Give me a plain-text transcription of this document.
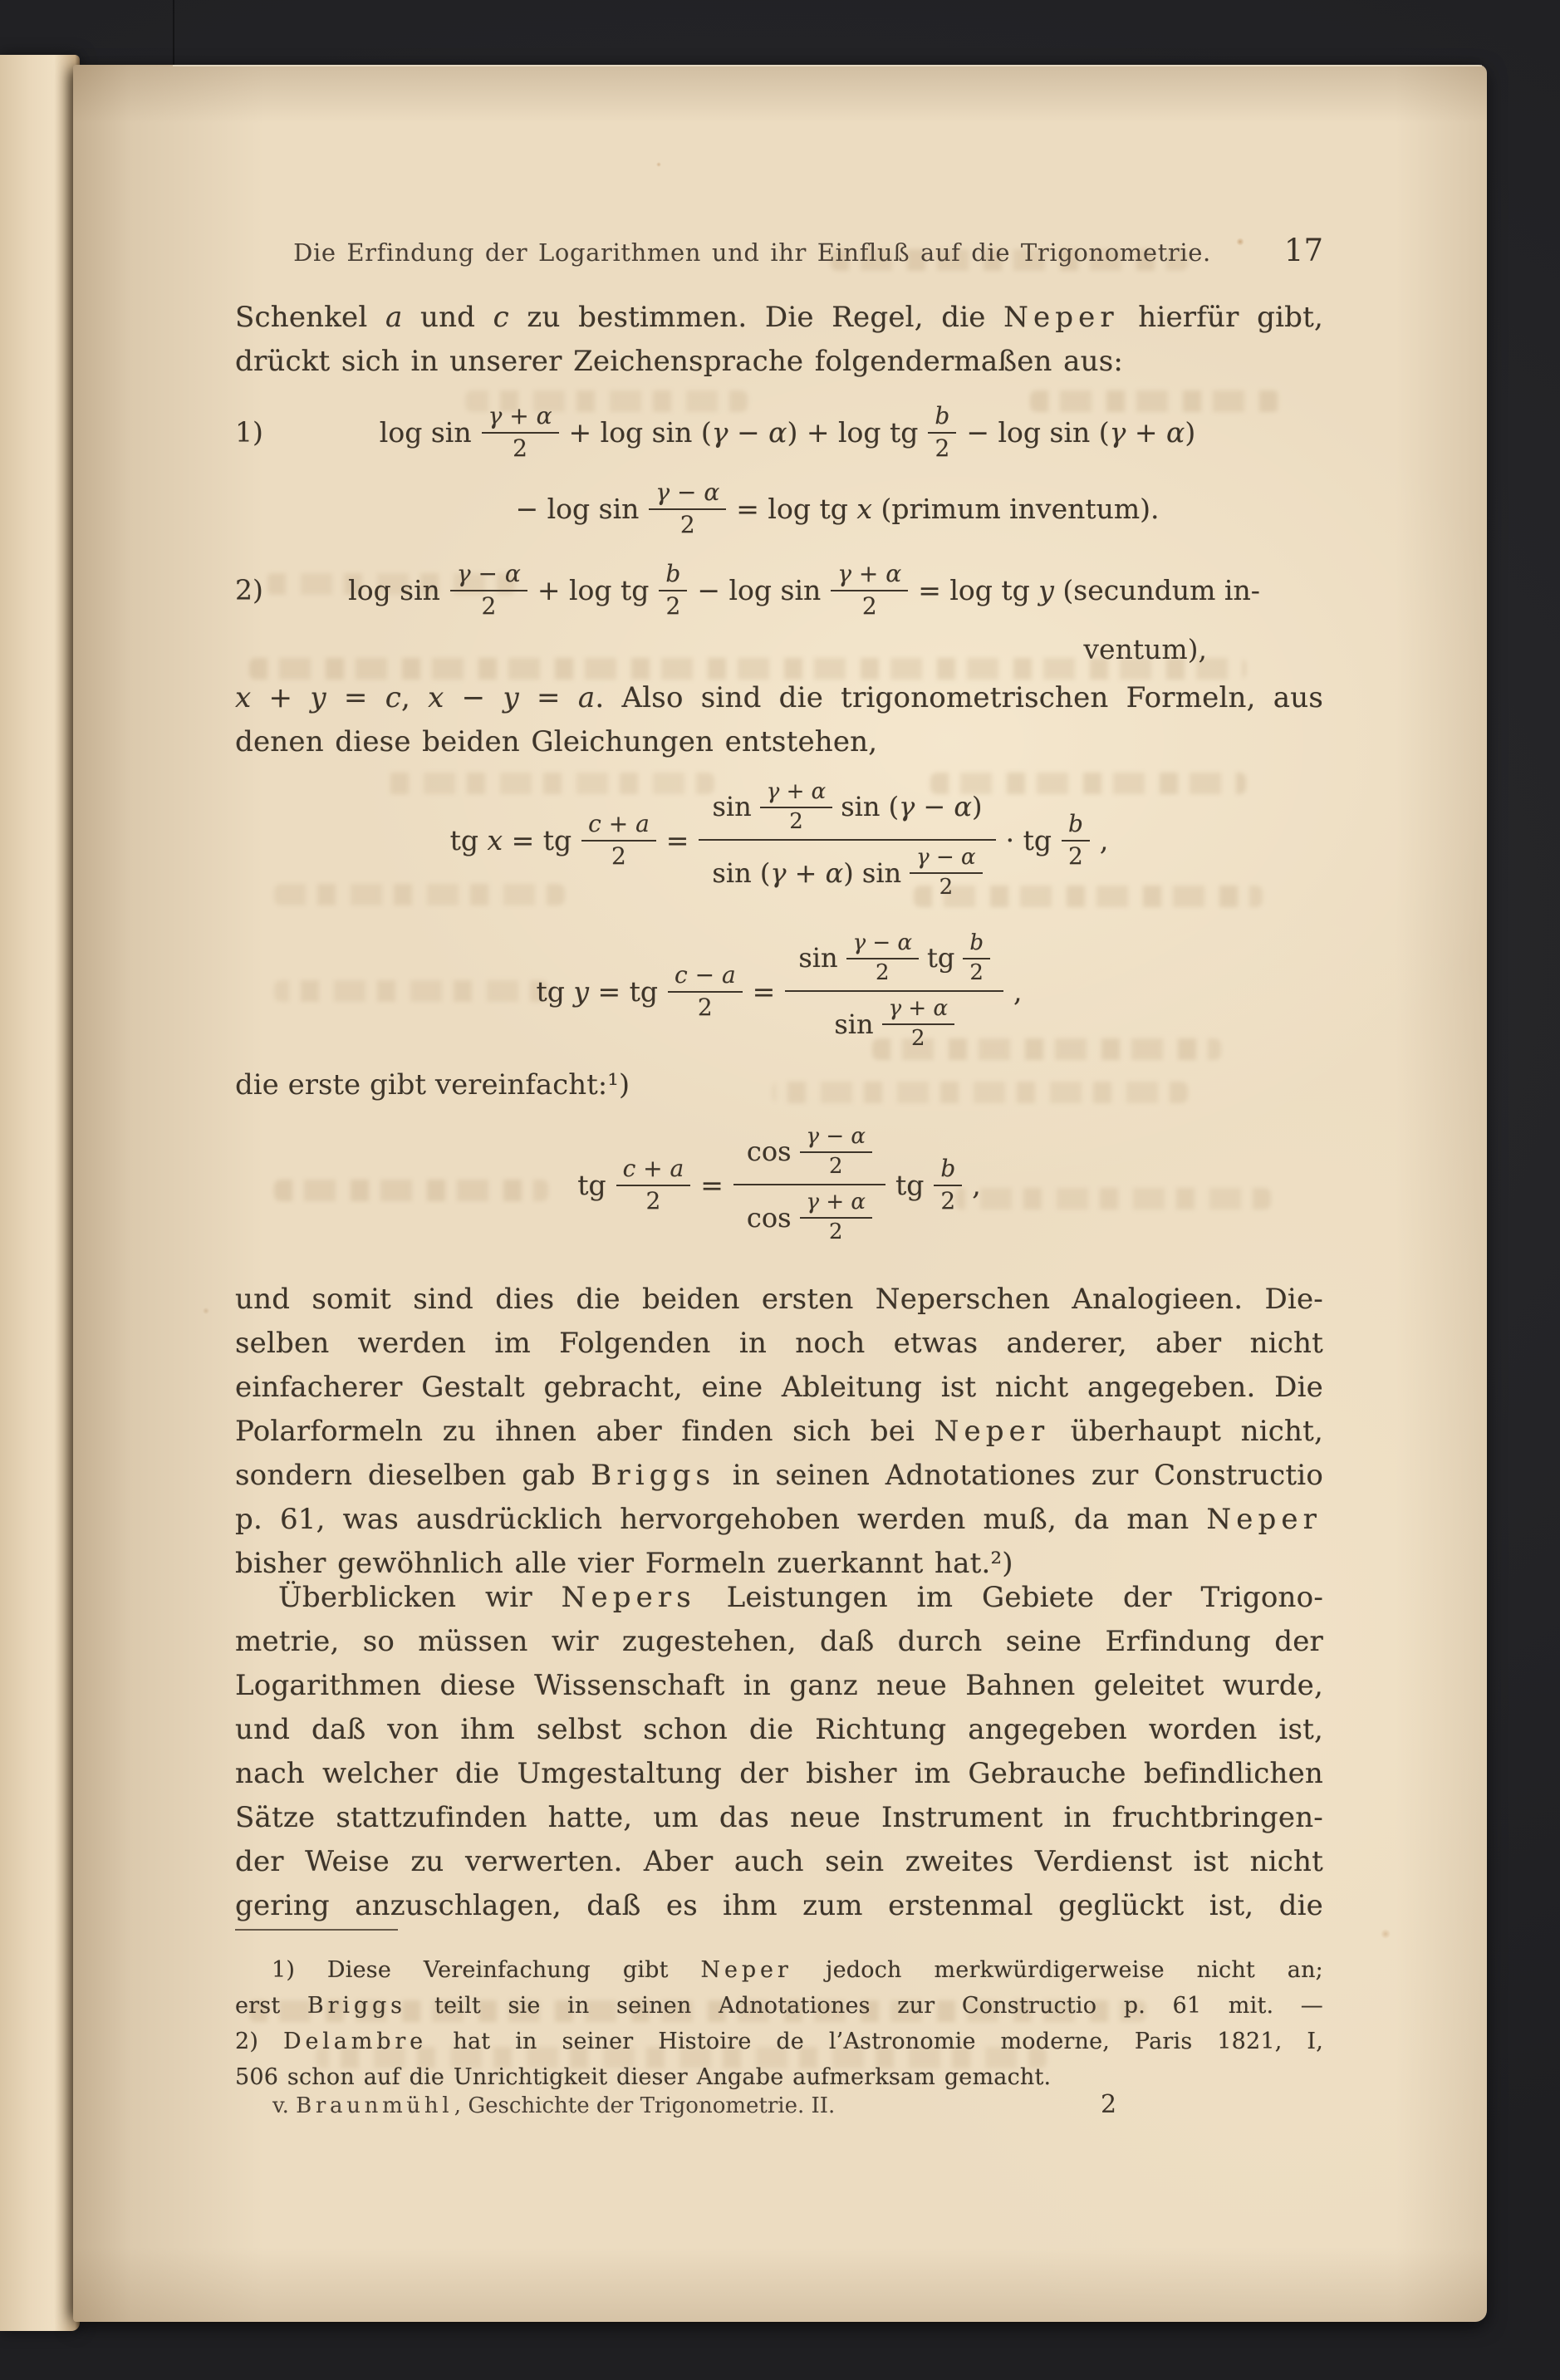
Die Erfindung der Logarithmen und ihr Einfluß auf die Trigonometrie.	17
Schenkel a und c zu bestimmen. Die Regel, die Neper hierfür gibt,
drückt sich in unserer Zeichensprache folgendermaßen aus:
1)	$\log \sin \frac{\gamma + \alpha}{2} + \log \sin (\gamma - \alpha) + \log$ tg $\frac{b}{2} - \log \sin (\gamma + \alpha)$
− $\log \sin \frac{\gamma - \alpha}{2} = \log$ tg x (primum inventum).
2)	$\log \sin \frac{\gamma - \alpha}{2} + \log$ tg $\frac{b}{2} - \log \sin \frac{\gamma + \alpha}{2} = \log$ tg y (secundum in-
ventum),
x + y = c, x − y = a. Also sind die trigonometrischen Formeln, aus
denen diese beiden Gleichungen entstehen,
tg x = tg $\frac{c + a}{2}$ =
$\sin \frac{\gamma + \alpha}{2}$ sin (γ − α)
sin (γ + α) $\sin \frac{\gamma - \alpha}{2}$
· tg $\frac{b}{2}$ ,
tg y = tg $\frac{c - a}{2}$ =
$\sin \frac{\gamma - \alpha}{2}$ tg $\frac{b}{2}$
$\sin \frac{\gamma + \alpha}{2}$
,
die erste gibt vereinfacht:¹)
tg $\frac{c + a}{2}$ =
$\cos \frac{\gamma - \alpha}{2}$
$\cos \frac{\gamma + \alpha}{2}$
tg $\frac{b}{2}$ ,
und somit sind dies die beiden ersten Neperschen Analogieen. Die-
selben werden im Folgenden in noch etwas anderer, aber nicht
einfacherer Gestalt gebracht, eine Ableitung ist nicht angegeben. Die
Polarformeln zu ihnen aber finden sich bei Neper überhaupt nicht,
sondern dieselben gab Briggs in seinen Adnotationes zur Constructio
p. 61, was ausdrücklich hervorgehoben werden muß, da man Neper
bisher gewöhnlich alle vier Formeln zuerkannt hat.²)
Überblicken wir Nepers Leistungen im Gebiete der Trigono-
metrie, so müssen wir zugestehen, daß durch seine Erfindung der
Logarithmen diese Wissenschaft in ganz neue Bahnen geleitet wurde,
und daß von ihm selbst schon die Richtung angegeben worden ist,
nach welcher die Umgestaltung der bisher im Gebrauche befindlichen
Sätze stattzufinden hatte, um das neue Instrument in fruchtbringen-
der Weise zu verwerten. Aber auch sein zweites Verdienst ist nicht
gering anzuschlagen, daß es ihm zum erstenmal geglückt ist, die
1) Diese Vereinfachung gibt Neper jedoch merkwürdigerweise nicht an;
erst Briggs teilt sie in seinen Adnotationes zur Constructio p. 61 mit. —
2) Delambre hat in seiner Histoire de l’Astronomie moderne, Paris 1821, I,
506 schon auf die Unrichtigkeit dieser Angabe aufmerksam gemacht.
v. Braunmühl, Geschichte der Trigonometrie. II.	2
